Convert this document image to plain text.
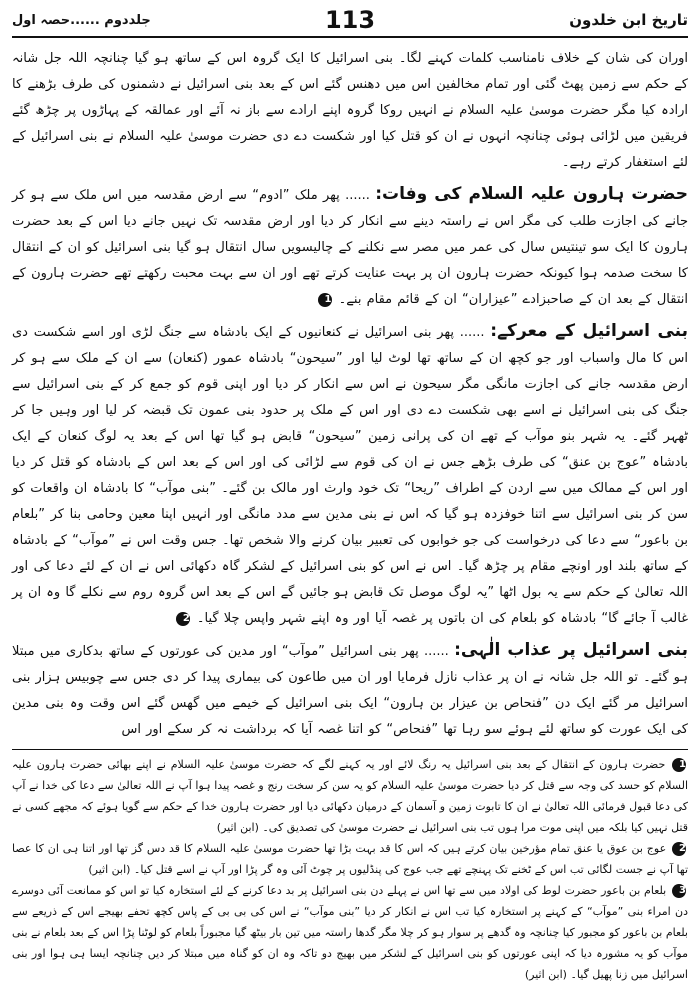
تاریخ ابن خلدون
113
جلددوم ......حصہ اول

اوران کی شان کے خلاف نامناسب کلمات کہنے لگا۔ بنی اسرائیل کا ایک گروہ اس کے ساتھ ہو گیا چنانچہ اللہ جل شانہ کے حکم سے زمین پھٹ گئی اور تمام مخالفین اس میں دھنس گئے اس کے بعد بنی اسرائیل نے دشمنوں کی طرف بڑھنے کا ارادہ کیا مگر حضرت موسیٰ علیہ السلام نے انہیں روکا گروہ اپنے ارادے سے باز نہ آئے اور عمالقہ کے پہاڑوں پر چڑھ گئے فریقین میں لڑائی ہوئی چنانچہ انہوں نے ان کو قتل کیا اور شکست دے دی حضرت موسیٰ علیہ السلام نے بنی اسرائیل کے لئے استغفار کرتے رہے۔

حضرت ہارون علیہ السلام کی وفات: ...... پھر ملک ”ادوم“ سے ارض مقدسہ میں اس ملک سے ہو کر جانے کی اجازت طلب کی مگر اس نے راستہ دینے سے انکار کر دیا اور ارض مقدسہ تک نہیں جانے دیا اس کے بعد حضرت ہارون کا ایک سو تینتیس سال کی عمر میں مصر سے نکلنے کے چالیسویں سال انتقال ہو گیا بنی اسرائیل کو ان کے انتقال کا سخت صدمہ ہوا کیونکہ حضرت ہارون ان پر بہت عنایت کرتے تھے اور ان سے بہت محبت رکھتے تھے حضرت ہارون کے انتقال کے بعد ان کے صاحبزادے ”عیزاران“ ان کے قائم مقام بنے۔ 1

بنی اسرائیل کے معرکے: ...... پھر بنی اسرائیل نے کنعانیوں کے ایک بادشاہ سے جنگ لڑی اور اسے شکست دی اس کا مال واسباب اور جو کچھ ان کے ساتھ تھا لوٹ لیا اور ”سیحون“ بادشاہ عمور (کنعان) سے ان کے ملک سے ہو کر ارض مقدسہ جانے کی اجازت مانگی مگر سیحون نے اس سے انکار کر دیا اور اپنی قوم کو جمع کر کے بنی اسرائیل سے جنگ کی بنی اسرائیل نے اسے بھی شکست دے دی اور اس کے ملک پر حدود بنی عمون تک قبضہ کر لیا اور وہیں جا کر ٹھہر گئے۔ یہ شہر بنو موآب کے تھے ان کی پرانی زمین ”سیحون“ قابض ہو گیا تھا اس کے بعد یہ لوگ کنعان کے ایک بادشاہ ”عوج بن عنق“ کی طرف بڑھے جس نے ان کی قوم سے لڑائی کی اور اس کے بعد اس کے بادشاہ کو قتل کر دیا اور اس کے ممالک میں سے اردن کے اطراف ”ریحا“ تک خود وارث اور مالک بن گئے۔ ”بنی موآب“ کا بادشاہ ان واقعات کو سن کر بنی اسرائیل سے اتنا خوفزدہ ہو گیا کہ اس نے بنی مدین سے مدد مانگی اور انہیں اپنا معین وحامی بنا کر ”بلعام بن باعور“ سے دعا کی درخواست کی جو خوابوں کی تعبیر بیان کرنے والا شخص تھا۔ جس وقت اس نے ”موآب“ کے بادشاہ کے ساتھ بلند اور اونچے مقام پر چڑھ گیا۔ اس نے اس کو بنی اسرائیل کے لشکر گاہ دکھائی اس نے ان کے لئے دعا کی اور اللہ تعالیٰ کے حکم سے یہ بول اٹھا ”یہ لوگ موصل تک قابض ہو جائیں گے اس کے بعد اس گروہ روم سے نکلے گا وہ ان پر غالب آ جائے گا“ بادشاہ کو بلعام کی ان باتوں پر غصہ آیا اور وہ اپنے شہر واپس چلا گیا۔ 2

بنی اسرائیل پر عذاب الٰہی: ...... پھر بنی اسرائیل ”موآب“ اور مدین کی عورتوں کے ساتھ بدکاری میں مبتلا ہو گئے۔ تو اللہ جل شانہ نے ان پر عذاب نازل فرمایا اور ان میں طاعون کی بیماری پیدا کر دی جس سے چوبیس ہزار بنی اسرائیل مر گئے ایک دن ”فنحاص بن عیزار بن ہارون“ ایک بنی اسرائیل کے خیمے میں گھس گئے اس وقت وہ بنی مدین کی ایک عورت کو ساتھ لئے ہوئے سو رہا تھا ”فنحاص“ کو اتنا غصہ آیا کہ برداشت نہ کر سکے اور اس

1 حضرت ہارون کے انتقال کے بعد بنی اسرائیل یہ رنگ لائے اور یہ کہنے لگے کہ حضرت موسیٰ علیہ السلام نے اپنے بھائی حضرت ہارون علیہ السلام کو حسد کی وجہ سے قتل کر دیا حضرت موسیٰ علیہ السلام کو یہ سن کر سخت رنج و غصہ پیدا ہوا آپ نے اللہ تعالیٰ سے دعا کی خدا نے آپ کی دعا قبول فرمائی اللہ تعالیٰ نے ان کا تابوت زمین و آسمان کے درمیان دکھائی دیا اور حضرت ہارون خدا کے حکم سے گویا ہوئے کہ مجھے کسی نے قتل نہیں کیا بلکہ میں اپنی موت مرا ہوں تب بنی اسرائیل نے حضرت موسیٰ کی تصدیق کی۔ (ابن اثیر)

2 عوج بن عوق یا عنق تمام مؤرخین بیان کرتے ہیں کہ اس کا قد بہت بڑا تھا حضرت موسیٰ علیہ السلام کا قد دس گز تھا اور اتنا ہی ان کا عصا تھا آپ نے جست لگائی تب اس کے ٹخنے تک پہنچے تھے جب عوج کی پنڈلیوں پر چوٹ آئی وہ گر پڑا اور آپ نے اسے قتل کیا۔ (ابن اثیر)

3 بلعام بن باعور حضرت لوط کی اولاد میں سے تھا اس نے پہلے دن بنی اسرائیل پر بد دعا کرنے کے لئے استخارہ کیا تو اس کو ممانعت آئی دوسرے دن امراء بنی ”موآب“ کے کہنے پر استخارہ کیا تب اس نے انکار کر دیا ”بنی موآب“ نے اس کی بی بی کے پاس کچھ تحفے بھیجے اس کے ذریعے سے بلعام بن باعور کو مجبور کیا چنانچہ وہ گدھے پر سوار ہو کر چلا مگر گدھا راستہ میں تین بار بیٹھ گیا مجبوراً بلعام کو لوٹنا پڑا اس کے بعد بلعام نے بنی موآب کو یہ مشورہ دیا کہ اپنی عورتوں کو بنی اسرائیل کے لشکر میں بھیج دو تاکہ وہ ان کو گناہ میں مبتلا کر دیں چنانچہ ایسا ہی ہوا اور بنی اسرائیل میں زنا پھیل گیا۔ (ابن اثیر)
